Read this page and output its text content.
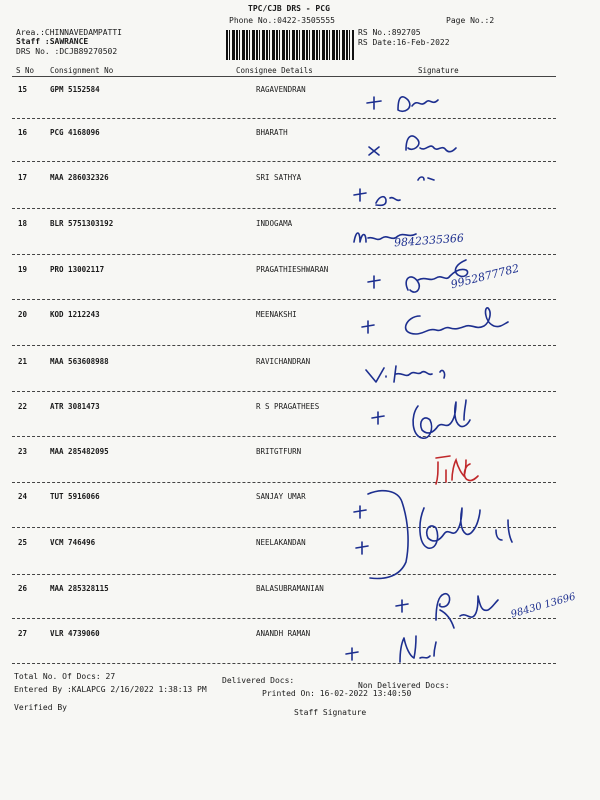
TPC/CJB DRS - PCG
Phone No.:0422-3505555	Page No.:2
Area.:CHINNAVEDAMPATTI
Staff :SAWRANCE
DRS No. :DCJB89270502
RS No.:892705
RS Date:16-Feb-2022
S No Consignment No	Consignee Details	Signature
15	GPM 5152584	RAGAVENDRAN
16	PCG 4168096	BHARATH
17	MAA 286032326	SRI SATHYA
18	BLR 5751303192	INDOGAMA
19	PRO 13002117	PRAGATHIESHWARAN
20	KOD 1212243	MEENAKSHI
21	MAA 563608988	RAVICHANDRAN
22	ATR 3081473	R S PRAGATHEES
23	MAA 285482095	BRITGTFURN
24	TUT 5916066	SANJAY UMAR
25	VCM 746496	NEELAKANDAN
26	MAA 285328115	BALASUBRAMANIAN
27	VLR 4739060	ANANDH RAMAN
9842335366
9952877782
98430 13696
Total No. Of Docs: 27	Delivered Docs:
Non Delivered Docs:
Entered By :KALAPCG 2/16/2022 1:38:13 PM	Printed On: 16-02-2022 13:40:50
Verified By
Staff Signature
